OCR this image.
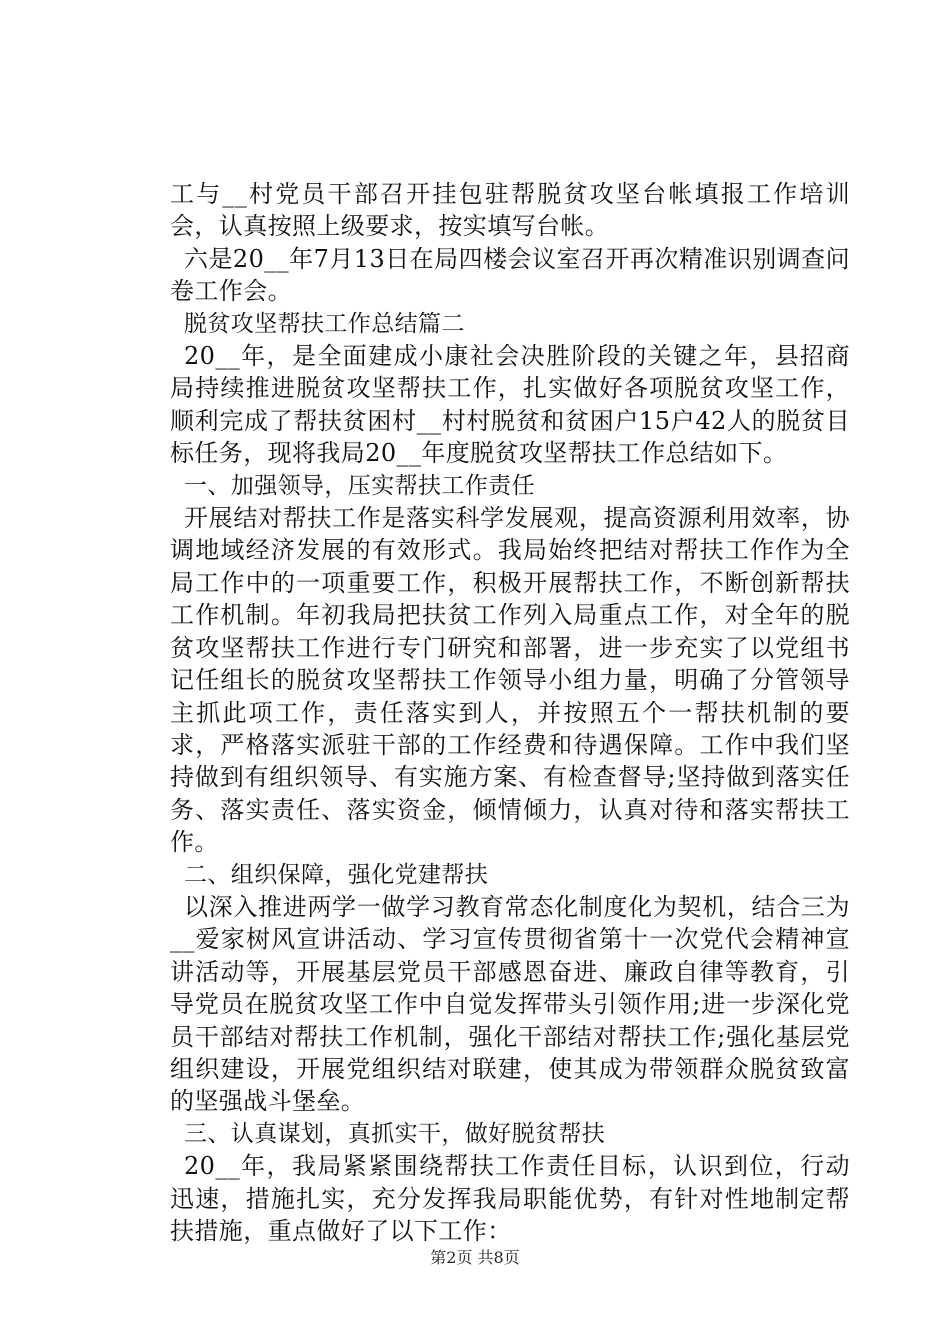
工与__村党员干部召开挂包驻帮脱贫攻坚台帐填报工作培训会，认真按照上级要求，按实填写台帐。

六是20__年7月13日在局四楼会议室召开再次精准识别调查问卷工作会。

脱贫攻坚帮扶工作总结篇二

20__年，是全面建成小康社会决胜阶段的关键之年，县招商局持续推进脱贫攻坚帮扶工作，扎实做好各项脱贫攻坚工作，顺利完成了帮扶贫困村__村村脱贫和贫困户15户42人的脱贫目标任务，现将我局20__年度脱贫攻坚帮扶工作总结如下。

一、加强领导，压实帮扶工作责任

开展结对帮扶工作是落实科学发展观，提高资源利用效率，协调地域经济发展的有效形式。我局始终把结对帮扶工作作为全局工作中的一项重要工作，积极开展帮扶工作，不断创新帮扶工作机制。年初我局把扶贫工作列入局重点工作，对全年的脱贫攻坚帮扶工作进行专门研究和部署，进一步充实了以党组书记任组长的脱贫攻坚帮扶工作领导小组力量，明确了分管领导主抓此项工作，责任落实到人，并按照五个一帮扶机制的要求，严格落实派驻干部的工作经费和待遇保障。工作中我们坚持做到有组织领导、有实施方案、有检查督导;坚持做到落实任务、落实责任、落实资金，倾情倾力，认真对待和落实帮扶工作。

二、组织保障，强化党建帮扶

以深入推进两学一做学习教育常态化制度化为契机，结合三为__爱家树风宣讲活动、学习宣传贯彻省第十一次党代会精神宣讲活动等，开展基层党员干部感恩奋进、廉政自律等教育，引导党员在脱贫攻坚工作中自觉发挥带头引领作用;进一步深化党员干部结对帮扶工作机制，强化干部结对帮扶工作;强化基层党组织建设，开展党组织结对联建，使其成为带领群众脱贫致富的坚强战斗堡垒。

三、认真谋划，真抓实干，做好脱贫帮扶

20__年，我局紧紧围绕帮扶工作责任目标，认识到位，行动迅速，措施扎实，充分发挥我局职能优势，有针对性地制定帮扶措施，重点做好了以下工作：

第2页 共8页
